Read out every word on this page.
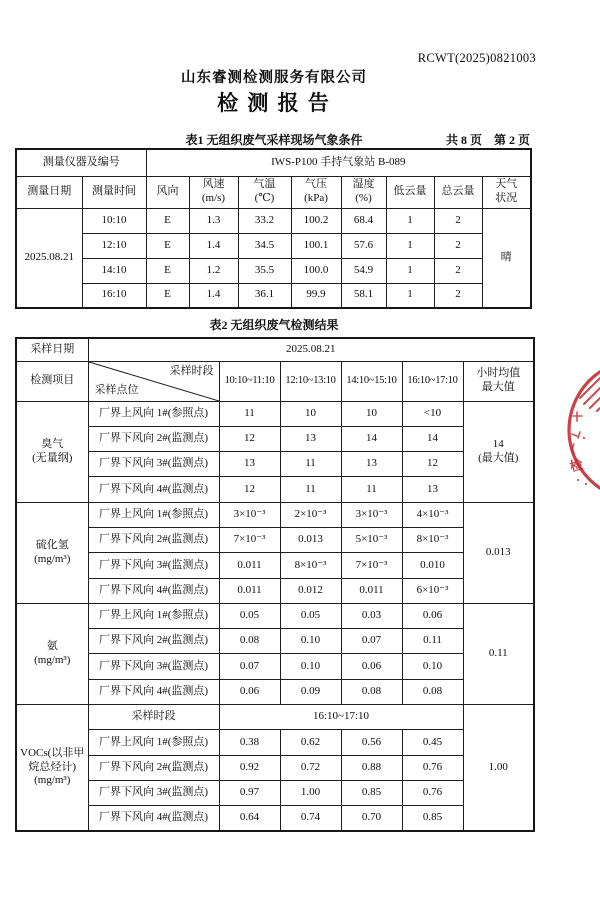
RCWT(2025)0821003
山东睿测检测服务有限公司
检 测 报 告
表1 无组织废气采样现场气象条件	共 8 页　第 2 页
测量仪器及编号		IWS-P100 手持气象站 B-089							
测量日期	测量时间	风向	风速
(m/s)	气温
(℃)	气压
(kPa)	湿度
(%)	低云量	总云量	天气
状况
2025.08.21	10:10	E	1.3	33.2	100.2	68.4	1	2	晴
	12:10	E	1.4	34.5	100.1	57.6	1	2	
	14:10	E	1.2	35.5	100.0	54.9	1	2	
	16:10	E	1.4	36.1	99.9	58.1	1	2	
表2 无组织废气检测结果
采样日期	2025.08.21					
检测项目	采样时段
采样点位	10:10~11:10	12:10~13:10	14:10~15:10	16:10~17:10	小时均值
最大值
臭气
(无量纲)	厂界上风向 1#(参照点)	11	10	10	<10	14
(最大值)
	厂界下风向 2#(监测点)	12	13	14	14	
	厂界下风向 3#(监测点)	13	11	13	12	
	厂界下风向 4#(监测点)	12	11	11	13	
硫化氢
(mg/m³)	厂界上风向 1#(参照点)	3×10⁻³	2×10⁻³	3×10⁻³	4×10⁻³	0.013
	厂界下风向 2#(监测点)	7×10⁻³	0.013	5×10⁻³	8×10⁻³	
	厂界下风向 3#(监测点)	0.011	8×10⁻³	7×10⁻³	0.010	
	厂界下风向 4#(监测点)	0.011	0.012	0.011	6×10⁻³	
氨
(mg/m³)	厂界上风向 1#(参照点)	0.05	0.05	0.03	0.06	0.11
	厂界下风向 2#(监测点)	0.08	0.10	0.07	0.11	
	厂界下风向 3#(监测点)	0.07	0.10	0.06	0.10	
	厂界下风向 4#(监测点)	0.06	0.09	0.08	0.08	
VOCs(以非甲烷总烃计)
(mg/m³)	采样时段	16:10~17:10				1.00
	厂界上风向 1#(参照点)	0.38	0.62	0.56	0.45	
	厂界下风向 2#(监测点)	0.92	0.72	0.88	0.76	
	厂界下风向 3#(监测点)	0.97	1.00	0.85	0.76	
	厂界下风向 4#(监测点)	0.64	0.74	0.70	0.85	
检
